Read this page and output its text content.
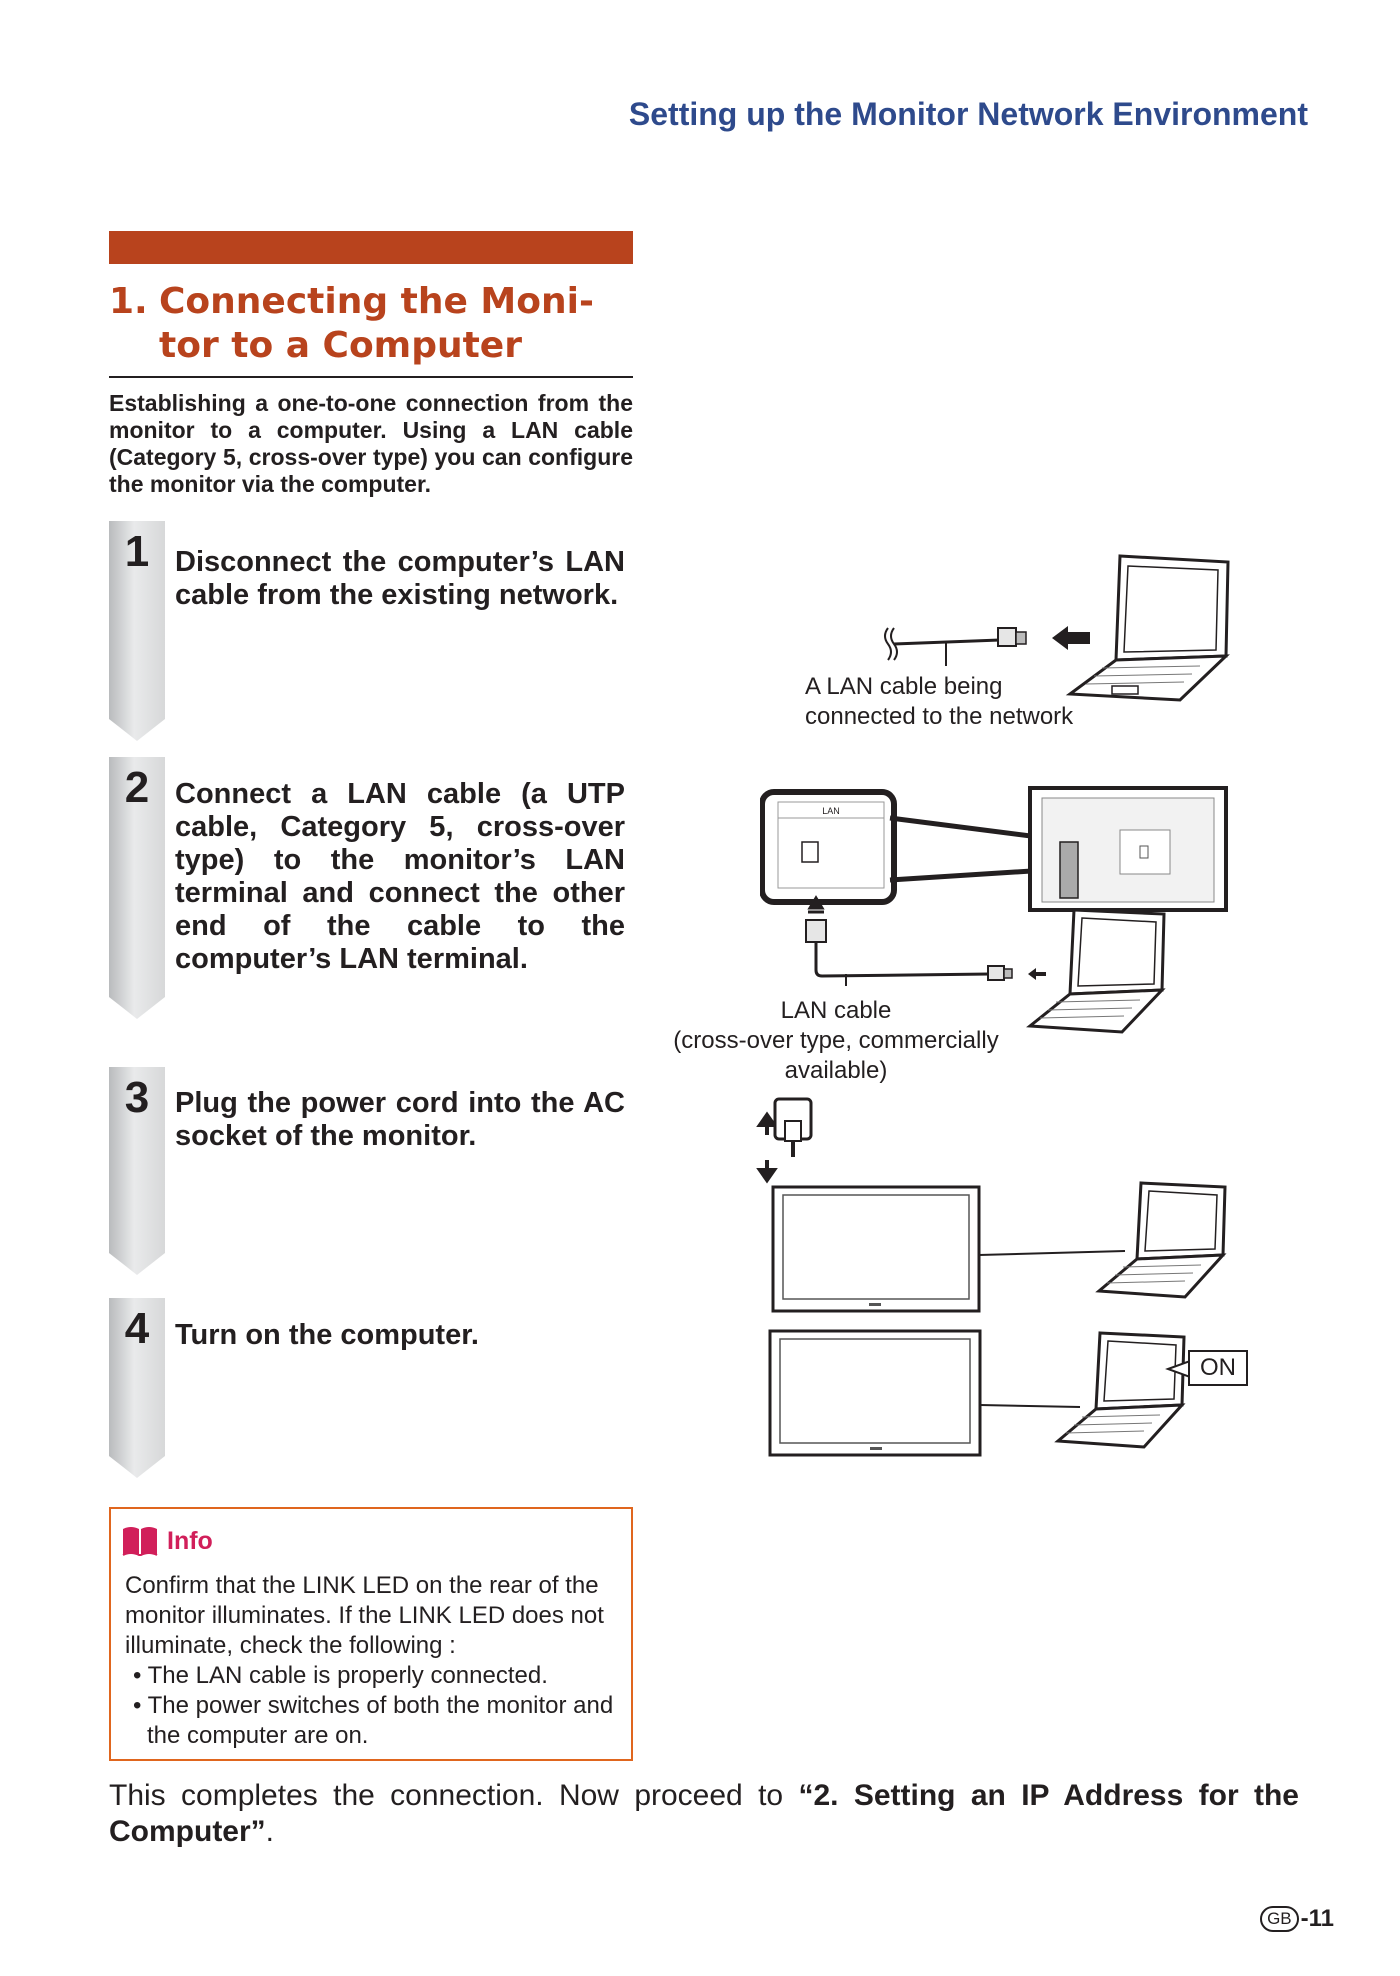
Setting up the Monitor Network Environment
1. Connecting the Moni-
tor to a Computer
Establishing a one-to-one connection from the monitor to a computer. Using a LAN cable (Category 5, cross-over type) you can configure the monitor via the computer.
1 Disconnect the computer’s LAN cable from the existing network.
2 Connect a LAN cable (a UTP cable, Category 5, cross-over type) to the monitor’s LAN terminal and connect the other end of the cable to the computer’s LAN terminal.
3 Plug the power cord into the AC socket of the monitor.
4 Turn on the computer.
A LAN cable being
connected to the network
LAN
LAN cable
(cross-over type, commercially available)
ON
Info
Confirm that the LINK LED on the rear of the monitor illuminates. If the LINK LED does not illuminate, check the following :
• The LAN cable is properly connected.
• The power switches of both the monitor and the computer are on.
This completes the connection. Now proceed to “2. Setting an IP Address for the Computer”.
GB -11
